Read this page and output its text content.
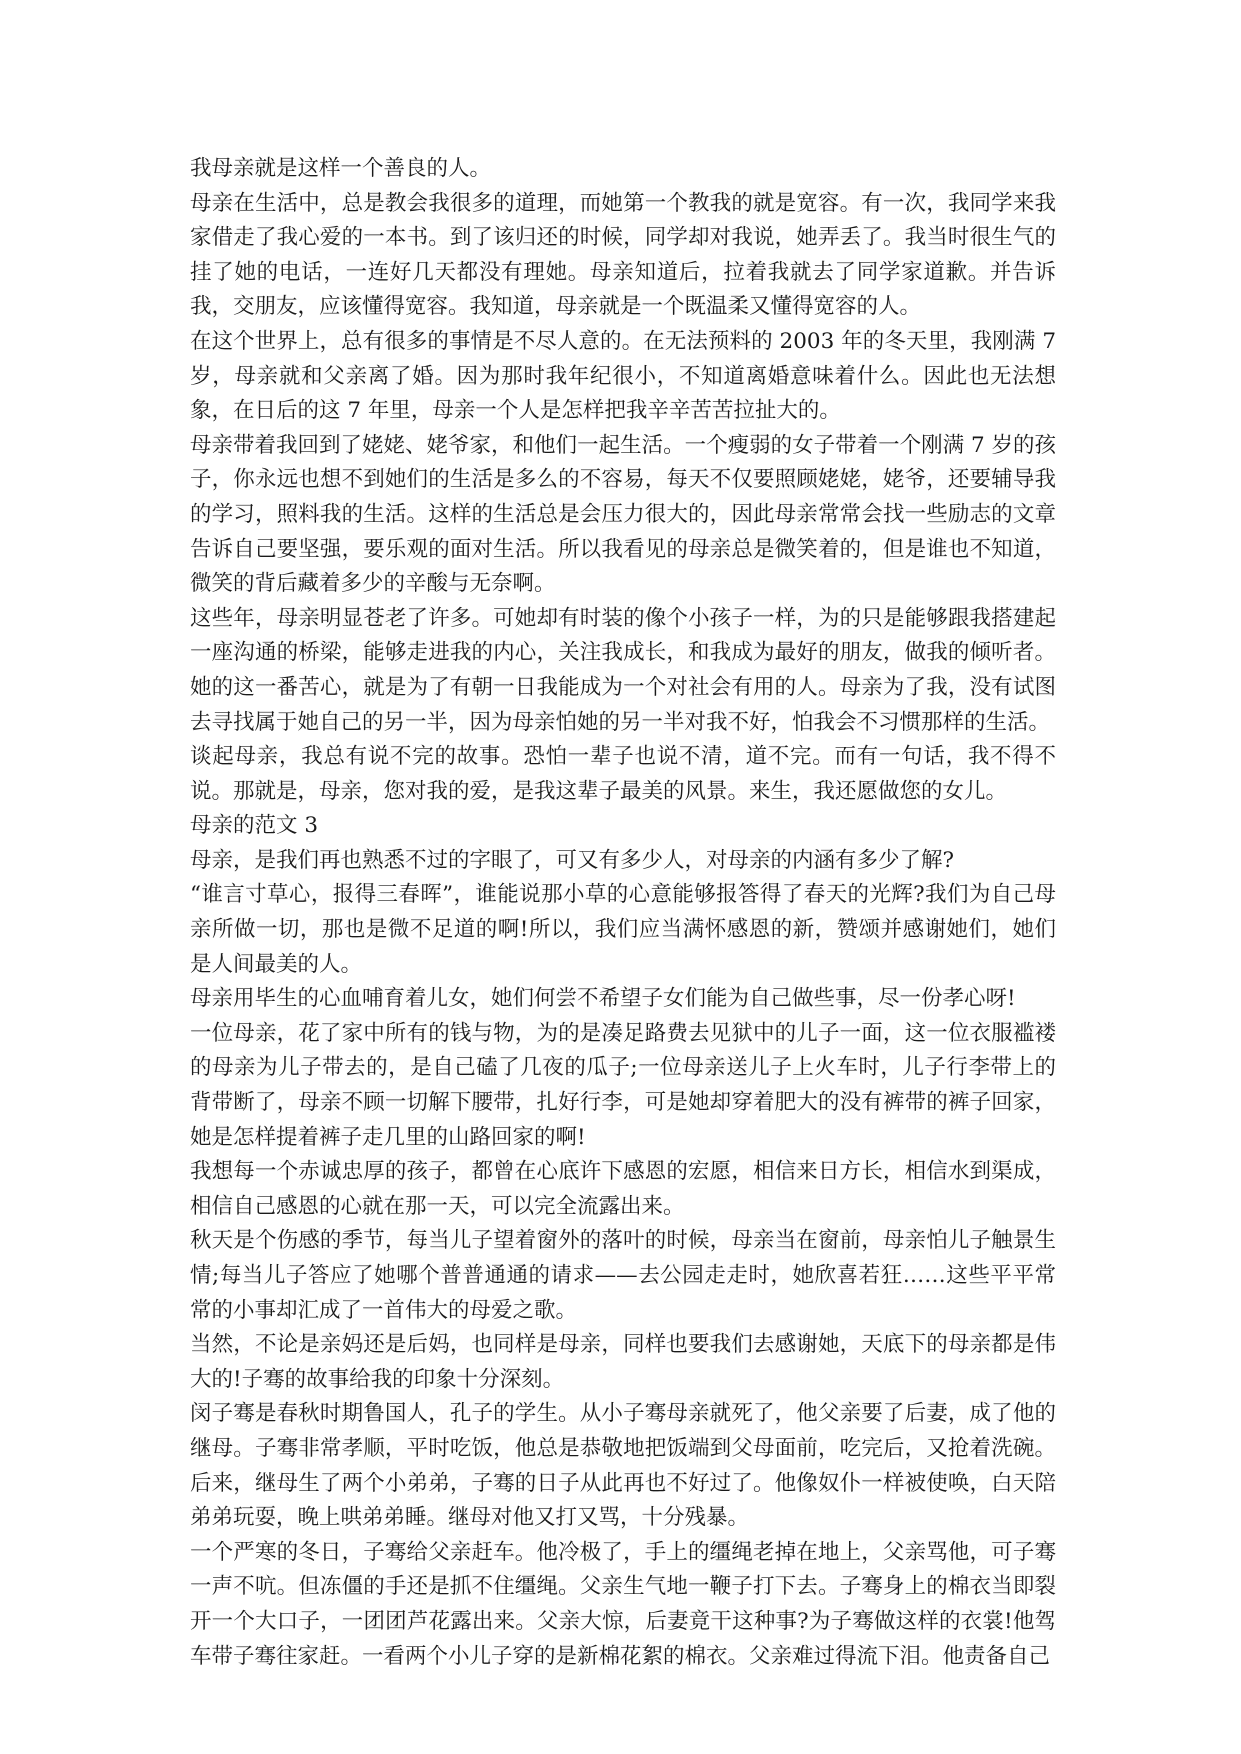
我母亲就是这样一个善良的人。

母亲在生活中，总是教会我很多的道理，而她第一个教我的就是宽容。有一次，我同学来我家借走了我心爱的一本书。到了该归还的时候，同学却对我说，她弄丢了。我当时很生气的挂了她的电话，一连好几天都没有理她。母亲知道后，拉着我就去了同学家道歉。并告诉我，交朋友，应该懂得宽容。我知道，母亲就是一个既温柔又懂得宽容的人。

在这个世界上，总有很多的事情是不尽人意的。在无法预料的 2003 年的冬天里，我刚满 7 岁，母亲就和父亲离了婚。因为那时我年纪很小，不知道离婚意味着什么。因此也无法想象，在日后的这 7 年里，母亲一个人是怎样把我辛辛苦苦拉扯大的。

母亲带着我回到了姥姥、姥爷家，和他们一起生活。一个瘦弱的女子带着一个刚满 7 岁的孩子，你永远也想不到她们的生活是多么的不容易，每天不仅要照顾姥姥，姥爷，还要辅导我的学习，照料我的生活。这样的生活总是会压力很大的，因此母亲常常会找一些励志的文章告诉自己要坚强，要乐观的面对生活。所以我看见的母亲总是微笑着的，但是谁也不知道，微笑的背后藏着多少的辛酸与无奈啊。

这些年，母亲明显苍老了许多。可她却有时装的像个小孩子一样，为的只是能够跟我搭建起一座沟通的桥梁，能够走进我的内心，关注我成长，和我成为最好的朋友，做我的倾听者。她的这一番苦心，就是为了有朝一日我能成为一个对社会有用的人。母亲为了我，没有试图去寻找属于她自己的另一半，因为母亲怕她的另一半对我不好，怕我会不习惯那样的生活。

谈起母亲，我总有说不完的故事。恐怕一辈子也说不清，道不完。而有一句话，我不得不说。那就是，母亲，您对我的爱，是我这辈子最美的风景。来生，我还愿做您的女儿。

母亲的范文 3

母亲，是我们再也熟悉不过的字眼了，可又有多少人，对母亲的内涵有多少了解?

“谁言寸草心，报得三春晖”，谁能说那小草的心意能够报答得了春天的光辉?我们为自己母亲所做一切，那也是微不足道的啊!所以，我们应当满怀感恩的新，赞颂并感谢她们，她们是人间最美的人。

母亲用毕生的心血哺育着儿女，她们何尝不希望子女们能为自己做些事，尽一份孝心呀!

一位母亲，花了家中所有的钱与物，为的是凑足路费去见狱中的儿子一面，这一位衣服褴褛的母亲为儿子带去的，是自己磕了几夜的瓜子;一位母亲送儿子上火车时，儿子行李带上的背带断了，母亲不顾一切解下腰带，扎好行李，可是她却穿着肥大的没有裤带的裤子回家，她是怎样提着裤子走几里的山路回家的啊!

我想每一个赤诚忠厚的孩子，都曾在心底许下感恩的宏愿，相信来日方长，相信水到渠成，相信自己感恩的心就在那一天，可以完全流露出来。

秋天是个伤感的季节，每当儿子望着窗外的落叶的时候，母亲当在窗前，母亲怕儿子触景生情;每当儿子答应了她哪个普普通通的请求——去公园走走时，她欣喜若狂……这些平平常常的小事却汇成了一首伟大的母爱之歌。

当然，不论是亲妈还是后妈，也同样是母亲，同样也要我们去感谢她，天底下的母亲都是伟大的!子骞的故事给我的印象十分深刻。

闵子骞是春秋时期鲁国人，孔子的学生。从小子骞母亲就死了，他父亲要了后妻，成了他的继母。子骞非常孝顺，平时吃饭，他总是恭敬地把饭端到父母面前，吃完后，又抢着洗碗。后来，继母生了两个小弟弟，子骞的日子从此再也不好过了。他像奴仆一样被使唤，白天陪弟弟玩耍，晚上哄弟弟睡。继母对他又打又骂，十分残暴。

一个严寒的冬日，子骞给父亲赶车。他冷极了，手上的缰绳老掉在地上，父亲骂他，可子骞一声不吭。但冻僵的手还是抓不住缰绳。父亲生气地一鞭子打下去。子骞身上的棉衣当即裂开一个大口子，一团团芦花露出来。父亲大惊，后妻竟干这种事?为子骞做这样的衣裳!他驾车带子骞往家赶。一看两个小儿子穿的是新棉花絮的棉衣。父亲难过得流下泪。他责备自己
